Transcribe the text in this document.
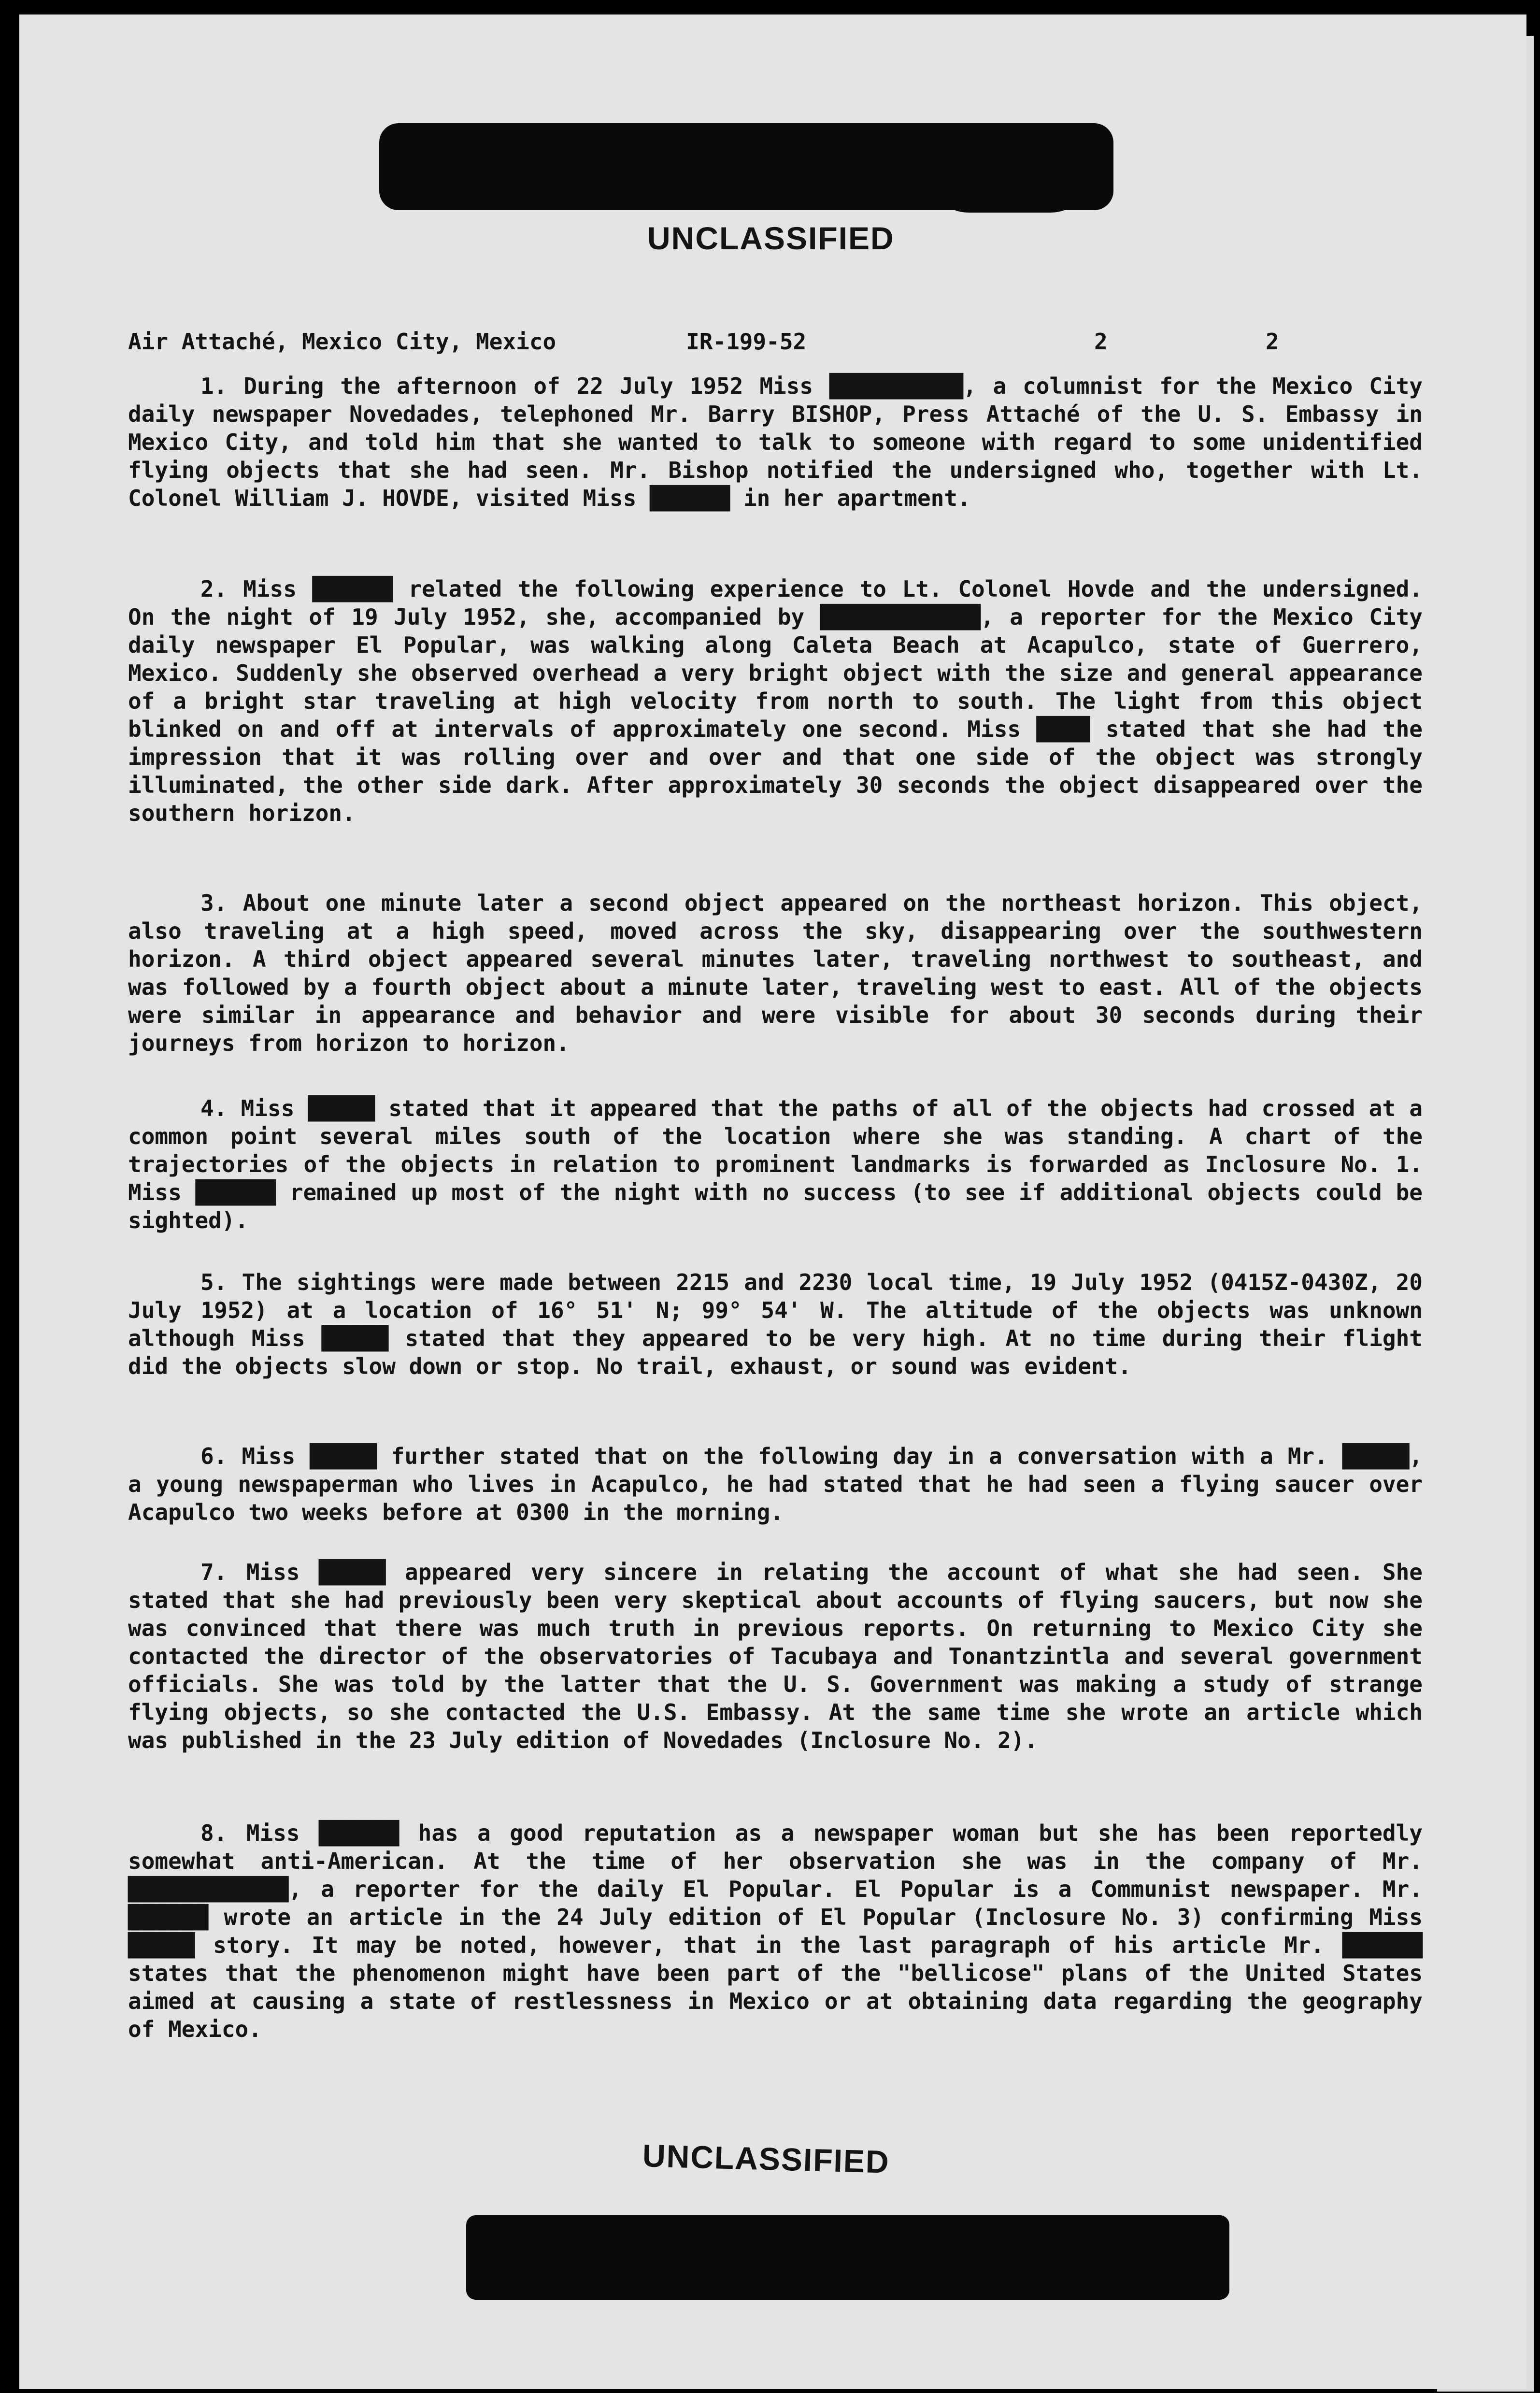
UNCLASSIFIED

Air Attaché, Mexico City, Mexico

	IR-199-52

	2

	2

1. During the afternoon of 22 July 1952 Miss ██████████, a columnist for the Mexico City daily newspaper Novedades, telephoned Mr. Barry BISHOP, Press Attaché of the U. S. Embassy in Mexico City, and told him that she wanted to talk to someone with regard to some unidentified flying objects that she had seen. Mr. Bishop notified the undersigned who, together with Lt. Colonel William J. HOVDE, visited Miss ██████ in her apartment.

2. Miss ██████ related the following experience to Lt. Colonel Hovde and the undersigned. On the night of 19 July 1952, she, accompanied by ████████████, a reporter for the Mexico City daily newspaper El Popular, was walking along Caleta Beach at Acapulco, state of Guerrero, Mexico. Suddenly she observed overhead a very bright object with the size and general appearance of a bright star traveling at high velocity from north to south. The light from this object blinked on and off at intervals of approximately one second. Miss ████ stated that she had the impression that it was rolling over and over and that one side of the object was strongly illuminated, the other side dark. After approximately 30 seconds the object disappeared over the southern horizon.

3. About one minute later a second object appeared on the northeast horizon. This object, also traveling at a high speed, moved across the sky, disappearing over the southwestern horizon. A third object appeared several minutes later, traveling northwest to southeast, and was followed by a fourth object about a minute later, traveling west to east. All of the objects were similar in appearance and behavior and were visible for about 30 seconds during their journeys from horizon to horizon.

4. Miss █████ stated that it appeared that the paths of all of the objects had crossed at a common point several miles south of the location where she was standing. A chart of the trajectories of the objects in relation to prominent landmarks is forwarded as Inclosure No. 1. Miss ██████ remained up most of the night with no success (to see if additional objects could be sighted).

5. The sightings were made between 2215 and 2230 local time, 19 July 1952 (0415Z-0430Z, 20 July 1952) at a location of 16° 51' N; 99° 54' W. The altitude of the objects was unknown although Miss █████ stated that they appeared to be very high. At no time during their flight did the objects slow down or stop. No trail, exhaust, or sound was evident.

6. Miss █████ further stated that on the following day in a conversation with a Mr. █████, a young newspaperman who lives in Acapulco, he had stated that he had seen a flying saucer over Acapulco two weeks before at 0300 in the morning.

7. Miss █████ appeared very sincere in relating the account of what she had seen. She stated that she had previously been very skeptical about accounts of flying saucers, but now she was convinced that there was much truth in previous reports. On returning to Mexico City she contacted the director of the observatories of Tacubaya and Tonantzintla and several government officials. She was told by the latter that the U. S. Government was making a study of strange flying objects, so she contacted the U.S. Embassy. At the same time she wrote an article which was published in the 23 July edition of Novedades (Inclosure No. 2).

8. Miss ██████ has a good reputation as a newspaper woman but she has been reportedly somewhat anti-American. At the time of her observation she was in the company of Mr. ████████████, a reporter for the daily El Popular. El Popular is a Communist newspaper. Mr. ██████ wrote an article in the 24 July edition of El Popular (Inclosure No. 3) confirming Miss █████ story. It may be noted, however, that in the last paragraph of his article Mr. ██████ states that the phenomenon might have been part of the "bellicose" plans of the United States aimed at causing a state of restlessness in Mexico or at obtaining data regarding the geography of Mexico.

UNCLASSIFIED
